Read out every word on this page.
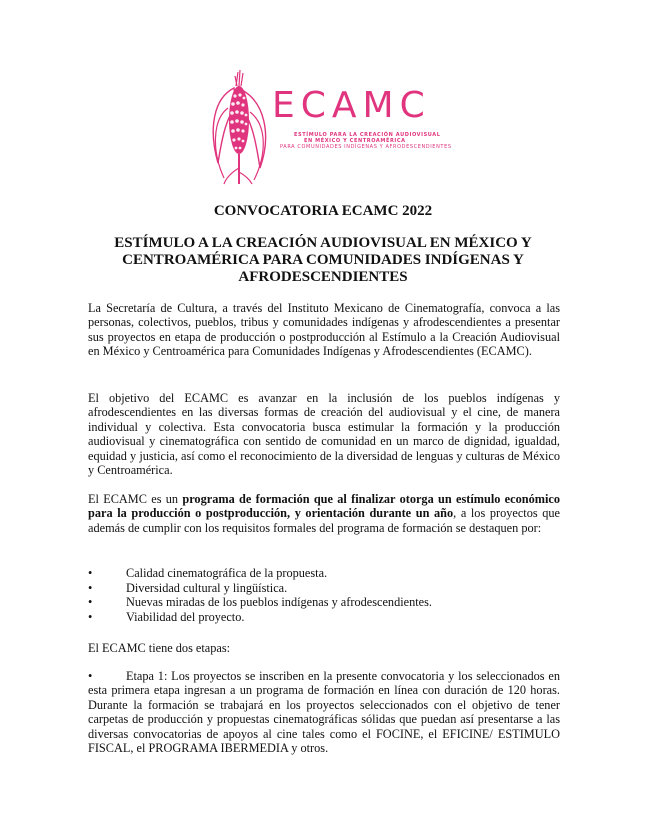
ECAMC
ESTÍMULO PARA LA CREACIÓN AUDIOVISUAL
EN MÉXICO Y CENTROAMÉRICA
PARA COMUNIDADES INDÍGENAS Y AFRODESCENDIENTES
CONVOCATORIA ECAMC 2022
ESTÍMULO A LA CREACIÓN AUDIOVISUAL EN MÉXICO Y
CENTROAMÉRICA PARA COMUNIDADES INDÍGENAS Y
AFRODESCENDIENTES

La Secretaría de Cultura, a través del Instituto Mexicano de Cinematografía, convoca a las personas, colectivos, pueblos, tribus y comunidades indígenas y afrodescendientes a presentar sus proyectos en etapa de producción o postproducción al Estímulo a la Creación Audiovisual en México y Centroamérica para Comunidades Indígenas y Afrodescendientes (ECAMC).

El objetivo del ECAMC es avanzar en la inclusión de los pueblos indígenas y afrodescendientes en las diversas formas de creación del audiovisual y el cine, de manera individual y colectiva. Esta convocatoria busca estimular la formación y la producción audiovisual y cinematográfica con sentido de comunidad en un marco de dignidad, igualdad, equidad y justicia, así como el reconocimiento de la diversidad de lenguas y culturas de México y Centroamérica.

El ECAMC es un programa de formación que al finalizar otorga un estímulo económico para la producción o postproducción, y orientación durante un año, a los proyectos que además de cumplir con los requisitos formales del programa de formación se destaquen por:

•	Calidad cinematográfica de la propuesta.
•	Diversidad cultural y lingüística.
•	Nuevas miradas de los pueblos indígenas y afrodescendientes.
•	Viabilidad del proyecto.

El ECAMC tiene dos etapas:

•	Etapa 1: Los proyectos se inscriben en la presente convocatoria y los seleccionados en esta primera etapa ingresan a un programa de formación en línea con duración de 120 horas. Durante la formación se trabajará en los proyectos seleccionados con el objetivo de tener carpetas de producción y propuestas cinematográficas sólidas que puedan así presentarse a las diversas convocatorias de apoyos al cine tales como el FOCINE, el EFICINE/ ESTIMULO FISCAL, el PROGRAMA IBERMEDIA y otros.
